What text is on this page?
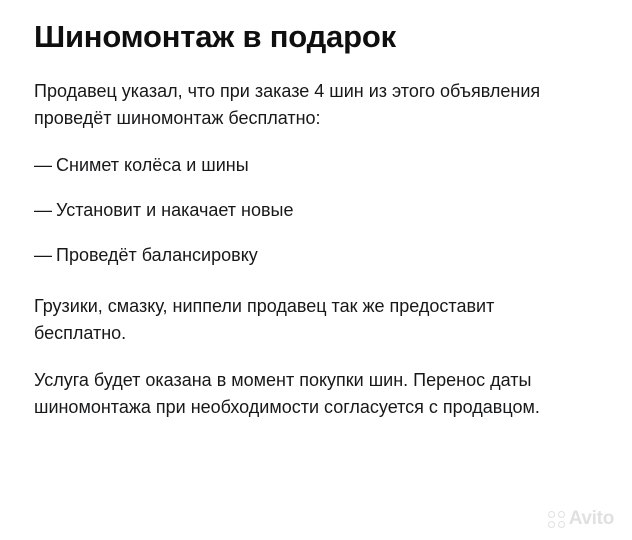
Шиномонтаж в подарок

Продавец указал, что при заказе 4 шин из этого объявления проведёт шиномонтаж бесплатно:

— Снимет колёса и шины
— Установит и накачает новые
— Проведёт балансировку

Грузики, смазку, ниппели продавец так же предоставит бесплатно.

Услуга будет оказана в момент покупки шин. Перенос даты шиномонтажа при необходимости согласуется с продавцом.

Avito
